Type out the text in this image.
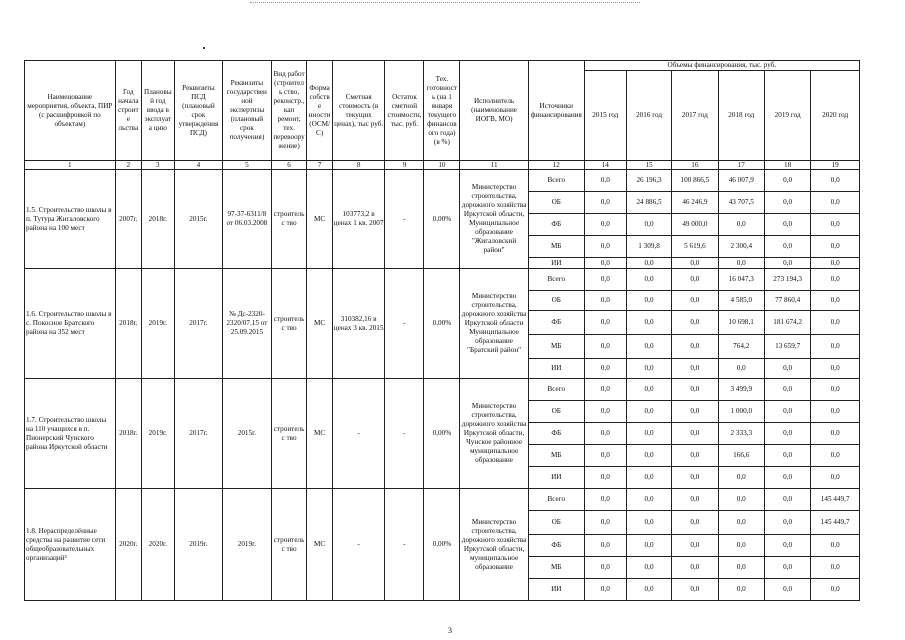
Наименование мероприятия, объекта, ПИР (с расшифровкой по объектам)	Год начала строите льства	Плановый год ввода в эксплуата цию	Реквизиты ПСД (плановый срок утверждения ПСД)	Реквизиты государствен ной экспертизы (плановый срок получения)	Вид работ (строитель ство, реконстр., кап ремонт, тех. перевоору жение)	Форма собстве нности (ОСМ/ С)	Сметная стоимость (в текущих ценах), тыс руб.	Остаток сметной стоимости, тыс. руб.	Тех. готовност ь (на 1 января текущего финансов ого года) (в %)	Исполнитель (наименование ИОГВ, МО)	Источники финансирования	Объемы финансирования, тыс. руб.					
												2015 год	2016 год	2017 год	2018 год	2019 год	2020 год
1	2	3	4	5	6	7	8	9	10	11	12	14	15	16	17	18	19
1.5. Строительство школы в п. Тутура Жигаловского района на 100 мест	2007г.	2018г.	2015г.	97-37-6311/8 от 06.03.2008	строительс тво	МС	103773,2 в ценах 1 кв. 2007	-	0,00%	Министерство строительства, дорожного хозяйства Иркутской области, Муниципальное образование "Жигаловский район"	Всего	0,0	26 196,3	100 866,5	46 007,9	0,0	0,0
											ОБ	0,0	24 886,5	46 246,9	43 707,5	0,0	0,0
											ФБ	0,0	0,0	49 000,0	0,0	0,0	0,0
											МБ	0,0	1 309,8	5 619,6	2 300,4	0,0	0,0
											ИИ	0,0	0,0	0,0	0,0	0,0	0,0
1.6. Строительство школы в с. Покосное Братского района на 352 мест	2018г.	2019г.	2017г.	№ Дс-2320-2320/07.15 от 25.09.2015	строительс тво	МС	310382,16 в ценах 3 кв. 2015	-	0,00%	Министерство строительства, дорожного хозяйства Иркутской области Муниципальное образование "Братский район"	Всего	0,0	0,0	0,0	16 047,3	273 194,3	0,0
											ОБ	0,0	0,0	0,0	4 585,0	77 860,4	0,0
											ФБ	0,0	0,0	0,0	10 698,1	181 674,2	0,0
											МБ	0,0	0,0	0,0	764,2	13 659,7	0,0
											ИИ	0,0	0,0	0,0	0,0	0,0	0,0
1.7. Строительство школы на 110 учащихся в п. Пионерский Чунского района Иркутской области	2018г.	2019г.	2017г.	2015г.	строительс тво	МС	-	-	0,00%	Министерство строительства, дорожного хозяйства Иркутской области, Чунское районное муниципальное образование	Всего	0,0	0,0	0,0	3 499,9	0,0	0,0
											ОБ	0,0	0,0	0,0	1 000,0	0,0	0,0
											ФБ	0,0	0,0	0,0	2 333,3	0,0	0,0
											МБ	0,0	0,0	0,0	166,6	0,0	0,0
											ИИ	0,0	0,0	0,0	0,0	0,0	0,0
1.8. Нераспределённые средства на развитие сети общеобразовательных организаций²	2020г.	2020г.	2019г.	2019г.	строительс тво	МС	-	-	0,00%	Министерство строительства, дорожного хозяйства Иркутской области, муниципальное образование	Всего	0,0	0,0	0,0	0,0	0,0	145 449,7
											ОБ	0,0	0,0	0,0	0,0	0,0	145 449,7
											ФБ	0,0	0,0	0,0	0,0	0,0	0,0
											МБ	0,0	0,0	0,0	0,0	0,0	0,0
											ИИ	0,0	0,0	0,0	0,0	0,0	0,0
3
